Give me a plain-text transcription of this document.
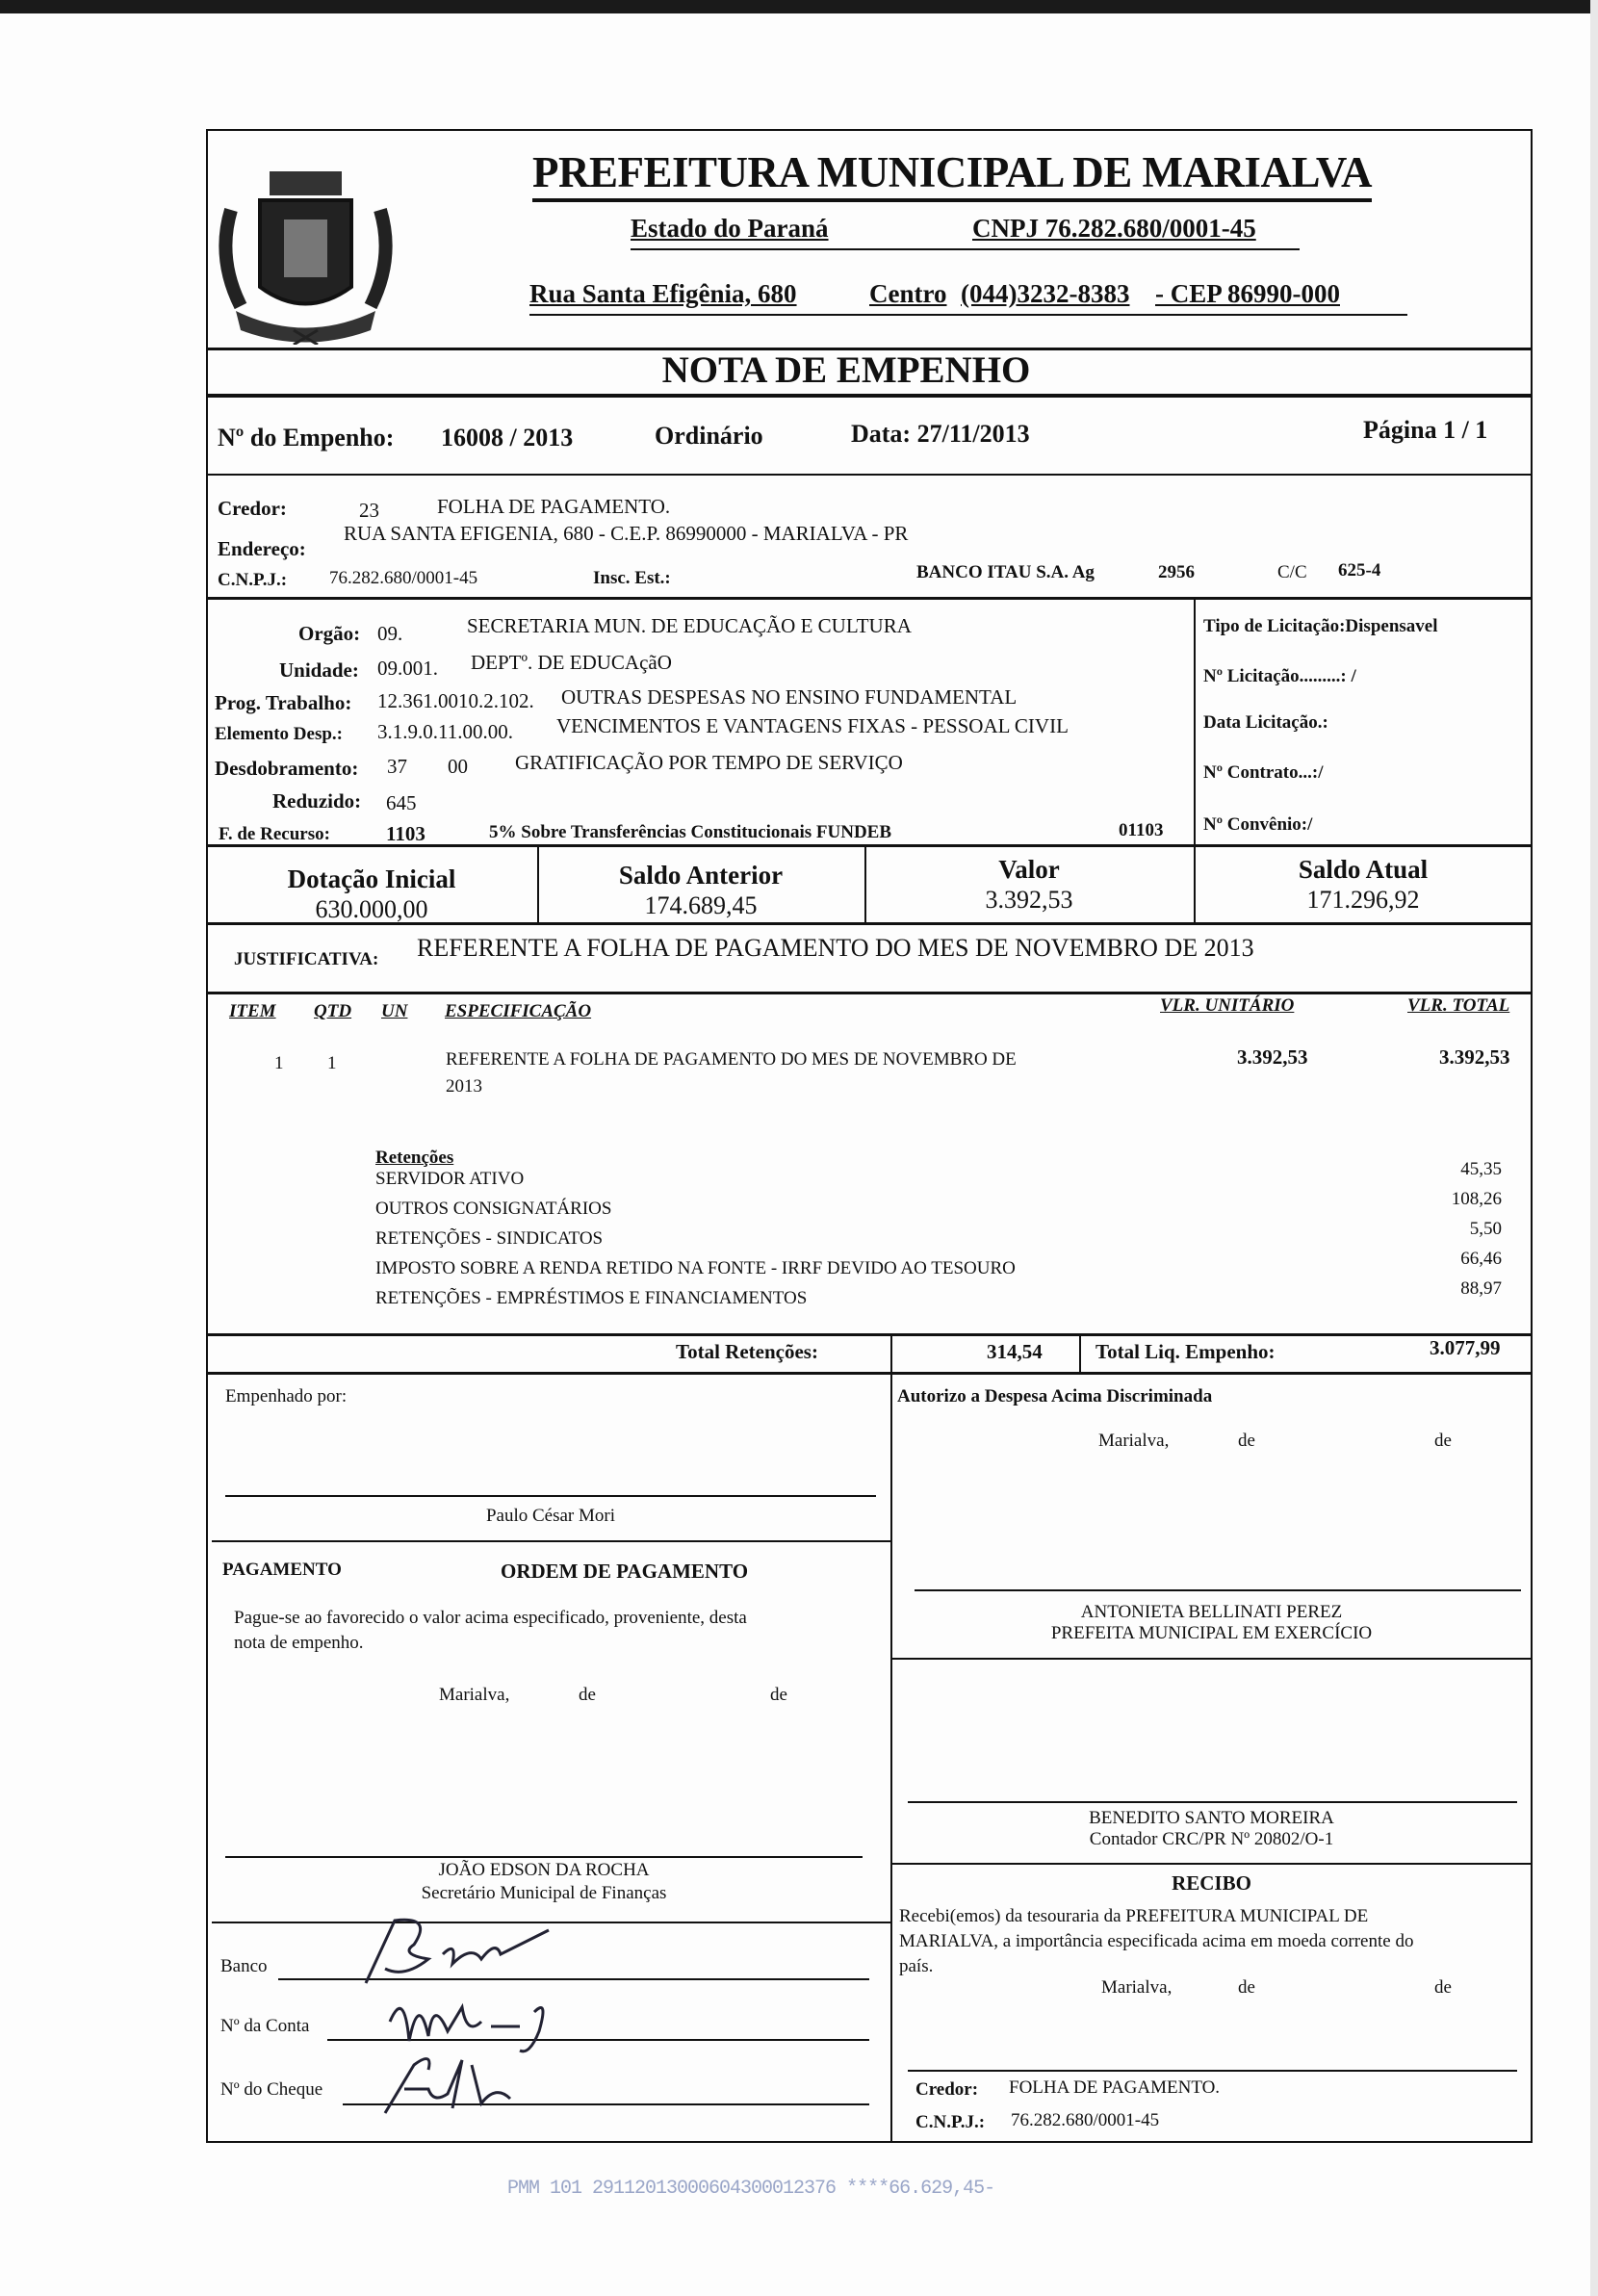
PREFEITURA MUNICIPAL DE MARIALVA
Estado do Paraná	CNPJ 76.282.680/0001-45
Rua Santa Efigênia, 680	Centro (044)3232-8383 - CEP 86990-000
NOTA DE EMPENHO
Nº do Empenho: 16008 / 2013	Ordinário	Data: 27/11/2013	Página 1 / 1
Credor:	23	FOLHA DE PAGAMENTO.
Endereço:
RUA SANTA EFIGENIA, 680 - C.E.P. 86990000 - MARIALVA - PR
C.N.P.J.: 76.282.680/0001-45	Insc. Est.:	BANCO ITAU S.A. Ag	2956	C/C 625-4
Orgão: 09.	SECRETARIA MUN. DE EDUCAÇÃO E CULTURA
Unidade: 09.001. DEPTº. DE EDUCAçãO
Prog. Trabalho: 12.361.0010.2.102. OUTRAS DESPESAS NO ENSINO FUNDAMENTAL
Elemento Desp.: 3.1.9.0.11.00.00. VENCIMENTOS E VANTAGENS FIXAS - PESSOAL CIVIL
Desdobramento: 37 00 GRATIFICAÇÃO POR TEMPO DE SERVIÇO
Reduzido: 645
F. de Recurso:	1103	5% Sobre Transferências Constitucionais FUNDEB	01103
Tipo de Licitação:Dispensavel
Nº Licitação.........: /
Data Licitação.:
Nº Contrato...:/
Nº Convênio:/
Dotação Inicial
630.000,00
Saldo Anterior
174.689,45
Valor
3.392,53
Saldo Atual
171.296,92
JUSTIFICATIVA: REFERENTE A FOLHA DE PAGAMENTO DO MES DE NOVEMBRO DE 2013
ITEM QTD UN ESPECIFICAÇÃO	VLR. UNITÁRIO	VLR. TOTAL
1 1	REFERENTE A FOLHA DE PAGAMENTO DO MES DE NOVEMBRO DE
2013
3.392,53	3.392,53
Retenções
SERVIDOR ATIVO	45,35
OUTROS CONSIGNATÁRIOS	108,26
RETENÇÕES - SINDICATOS	5,50
IMPOSTO SOBRE A RENDA RETIDO NA FONTE - IRRF DEVIDO AO TESOURO	66,46
RETENÇÕES - EMPRÉSTIMOS E FINANCIAMENTOS	88,97
Total Retenções:	314,54	Total Liq. Empenho:	3.077,99
Empenhado por:
Paulo César Mori
PAGAMENTO	ORDEM DE PAGAMENTO
Pague-se ao favorecido o valor acima especificado, proveniente, desta
nota de empenho.
Marialva,	de	de
JOÃO EDSON DA ROCHA
Secretário Municipal de Finanças
Banco
Nº da Conta
Nº do Cheque
Autorizo a Despesa Acima Discriminada
Marialva,	de	de
ANTONIETA BELLINATI PEREZ
PREFEITA MUNICIPAL EM EXERCÍCIO
BENEDITO SANTO MOREIRA
Contador CRC/PR Nº 20802/O-1
RECIBO
Recebi(emos) da tesouraria da PREFEITURA MUNICIPAL DE
MARIALVA, a importância especificada acima em moeda corrente do
país.
Marialva,	de	de
Credor: FOLHA DE PAGAMENTO.
C.N.P.J.: 76.282.680/0001-45
PMM 101 29112013000604300012376 ****66.629,45-
